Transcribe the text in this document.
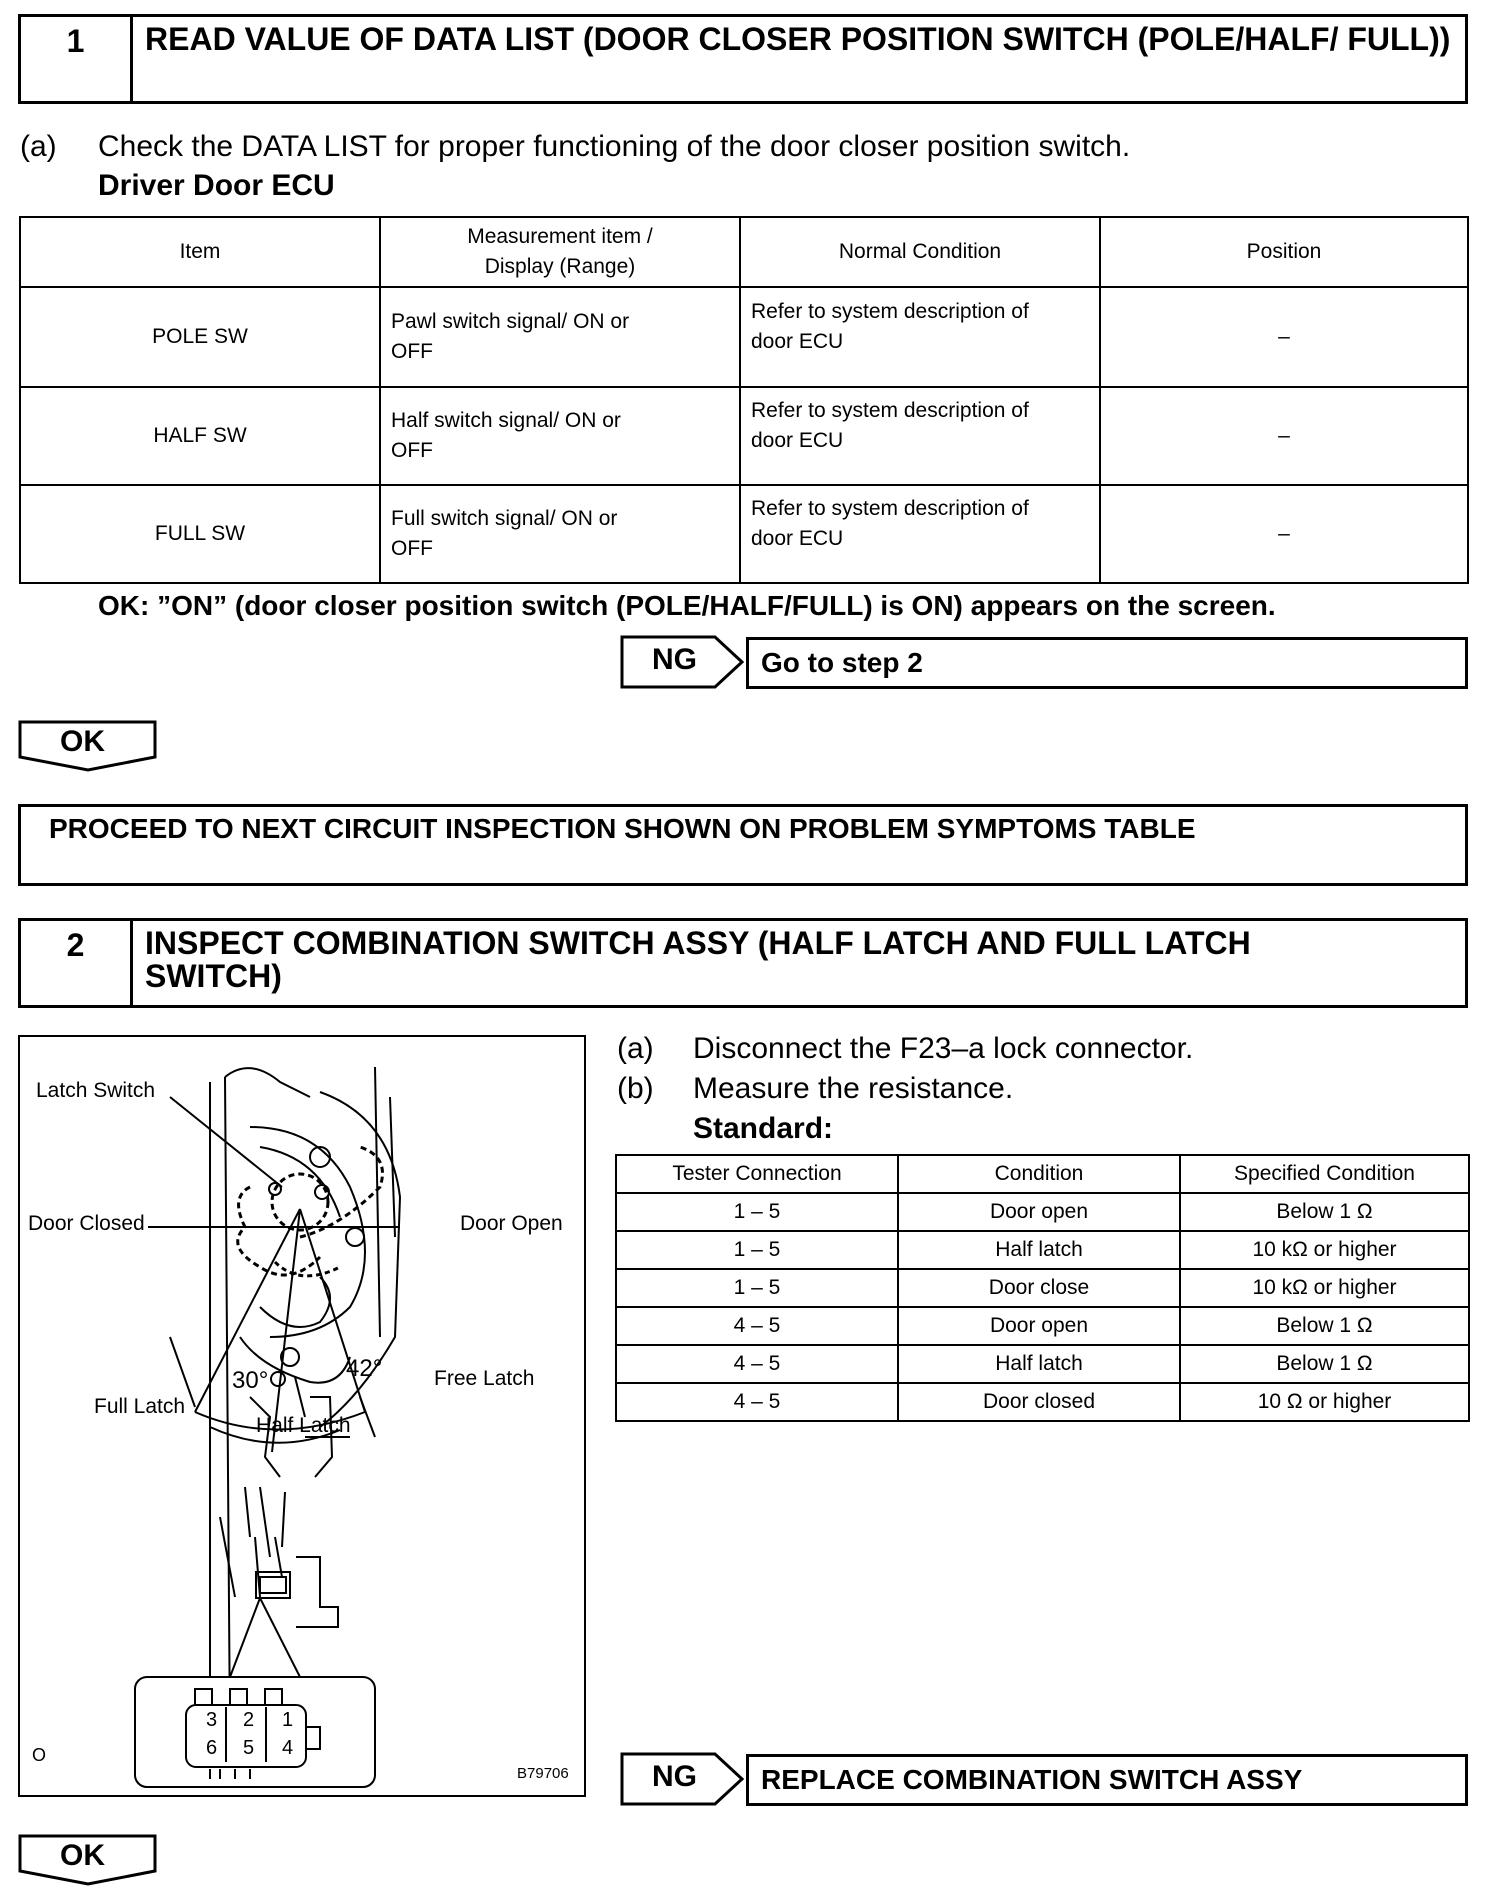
1	READ VALUE OF DATA LIST (DOOR CLOSER POSITION SWITCH (POLE/HALF/ FULL))
(a) Check the DATA LIST for proper functioning of the door closer position switch.
Driver Door ECU
Item	Measurement item / Display (Range)	Normal Condition	Position
POLE SW	Pawl switch signal/ ON or OFF	Refer to system description of door ECU	–
HALF SW	Half switch signal/ ON or OFF	Refer to system description of door ECU	–
FULL SW	Full switch signal/ ON or OFF	Refer to system description of door ECU	–
OK: ”ON” (door closer position switch (POLE/HALF/FULL) is ON) appears on the screen.
NG	Go to step 2
OK
PROCEED TO NEXT CIRCUIT INSPECTION SHOWN ON PROBLEM SYMPTOMS TABLE
2	INSPECT COMBINATION SWITCH ASSY (HALF LATCH AND FULL LATCH SWITCH)
Latch Switch
Door Closed	Door Open
30°	42° Free Latch
Full Latch
Half Latch
3 2 1
6 5 4
O
B79706
(a) Disconnect the F23–a lock connector.
(b) Measure the resistance.
Standard:
Tester Connection	Condition	Specified Condition
1 – 5	Door open	Below 1 Ω
1 – 5	Half latch	10 kΩ or higher
1 – 5	Door close	10 kΩ or higher
4 – 5	Door open	Below 1 Ω
4 – 5	Half latch	Below 1 Ω
4 – 5	Door closed	10 Ω or higher
NG	REPLACE COMBINATION SWITCH ASSY
OK
